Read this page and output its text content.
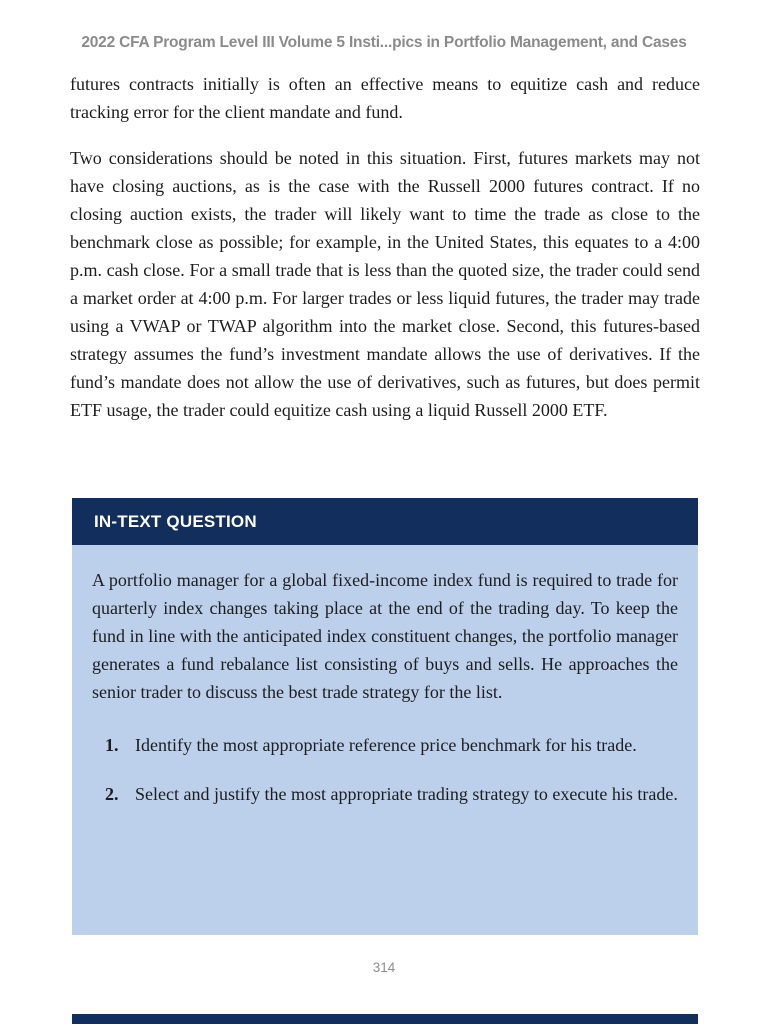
2022 CFA Program Level III Volume 5 Insti...pics in Portfolio Management, and Cases

futures contracts initially is often an effective means to equitize cash and reduce tracking error for the client mandate and fund.

Two considerations should be noted in this situation. First, futures markets may not have closing auctions, as is the case with the Russell 2000 futures contract. If no closing auction exists, the trader will likely want to time the trade as close to the benchmark close as possible; for example, in the United States, this equates to a 4:00 p.m. cash close. For a small trade that is less than the quoted size, the trader could send a market order at 4:00 p.m. For larger trades or less liquid futures, the trader may trade using a VWAP or TWAP algorithm into the market close. Second, this futures-based strategy assumes the fund’s investment mandate allows the use of derivatives. If the fund’s mandate does not allow the use of derivatives, such as futures, but does permit ETF usage, the trader could equitize cash using a liquid Russell 2000 ETF.

IN-TEXT QUESTION

A portfolio manager for a global fixed-income index fund is required to trade for quarterly index changes taking place at the end of the trading day. To keep the fund in line with the anticipated index constituent changes, the portfolio manager generates a fund rebalance list consisting of buys and sells. He approaches the senior trader to discuss the best trade strategy for the list.

1. Identify the most appropriate reference price benchmark for his trade.
2. Select and justify the most appropriate trading strategy to execute his trade.
314
